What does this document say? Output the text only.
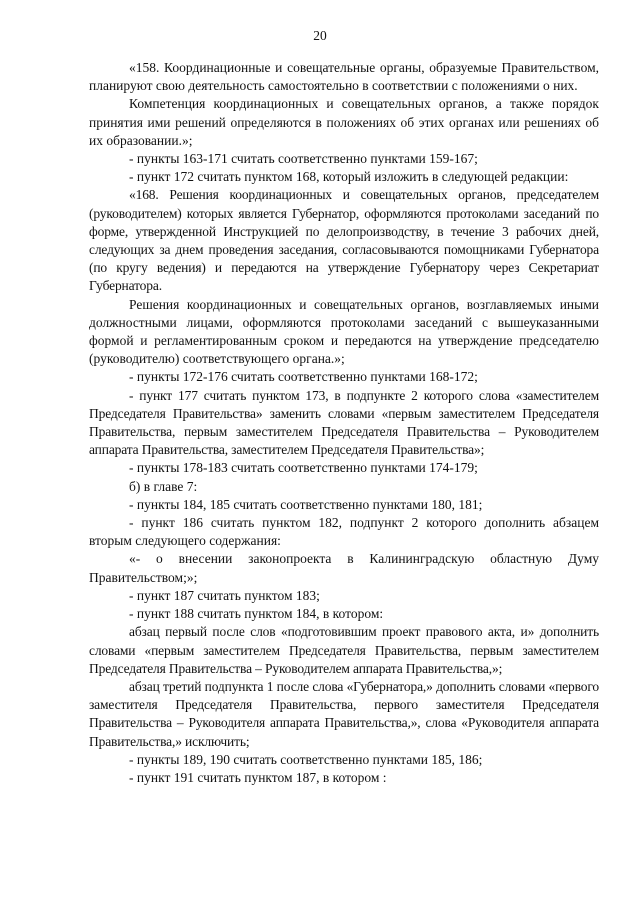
20

«158. Координационные и совещательные органы, образуемые Правительством, планируют свою деятельность самостоятельно в соответствии с положениями о них.

Компетенция координационных и совещательных органов, а также порядок принятия ими решений определяются в положениях об этих органах или решениях об их образовании.»;

- пункты 163-171 считать соответственно пунктами 159-167;

- пункт 172 считать пунктом 168, который изложить в следующей редакции:

«168. Решения координационных и совещательных органов, председателем (руководителем) которых является Губернатор, оформляются протоколами заседаний по форме, утвержденной Инструкцией по делопроизводству, в течение 3 рабочих дней, следующих за днем проведения заседания, согласовываются помощниками Губернатора (по кругу ведения) и передаются на утверждение Губернатору через Секретариат Губернатора.

Решения координационных и совещательных органов, возглавляемых иными должностными лицами, оформляются протоколами заседаний с вышеуказанными формой и регламентированным сроком и передаются на утверждение председателю (руководителю) соответствующего органа.»;

- пункты 172-176 считать соответственно пунктами 168-172;

- пункт 177 считать пунктом 173, в подпункте 2 которого слова «заместителем Председателя Правительства» заменить словами «первым заместителем Председателя Правительства, первым заместителем Председателя Правительства – Руководителем аппарата Правительства, заместителем Председателя Правительства»;

- пункты 178-183 считать соответственно пунктами 174-179;

б) в главе 7:

- пункты 184, 185 считать соответственно пунктами 180, 181;

- пункт 186 считать пунктом 182, подпункт 2 которого дополнить абзацем вторым следующего содержания:

«- о внесении законопроекта в Калининградскую областную Думу Правительством;»;

- пункт 187 считать пунктом 183;

- пункт 188 считать пунктом 184, в котором:

абзац первый после слов «подготовившим проект правового акта, и» дополнить словами «первым заместителем Председателя Правительства, первым заместителем Председателя Правительства – Руководителем аппарата Правительства,»;

абзац третий подпункта 1 после слова «Губернатора,» дополнить словами «первого заместителя Председателя Правительства, первого заместителя Председателя Правительства – Руководителя аппарата Правительства,», слова «Руководителя аппарата Правительства,» исключить;

- пункты 189, 190 считать соответственно пунктами 185, 186;

- пункт 191 считать пунктом 187, в котором :
